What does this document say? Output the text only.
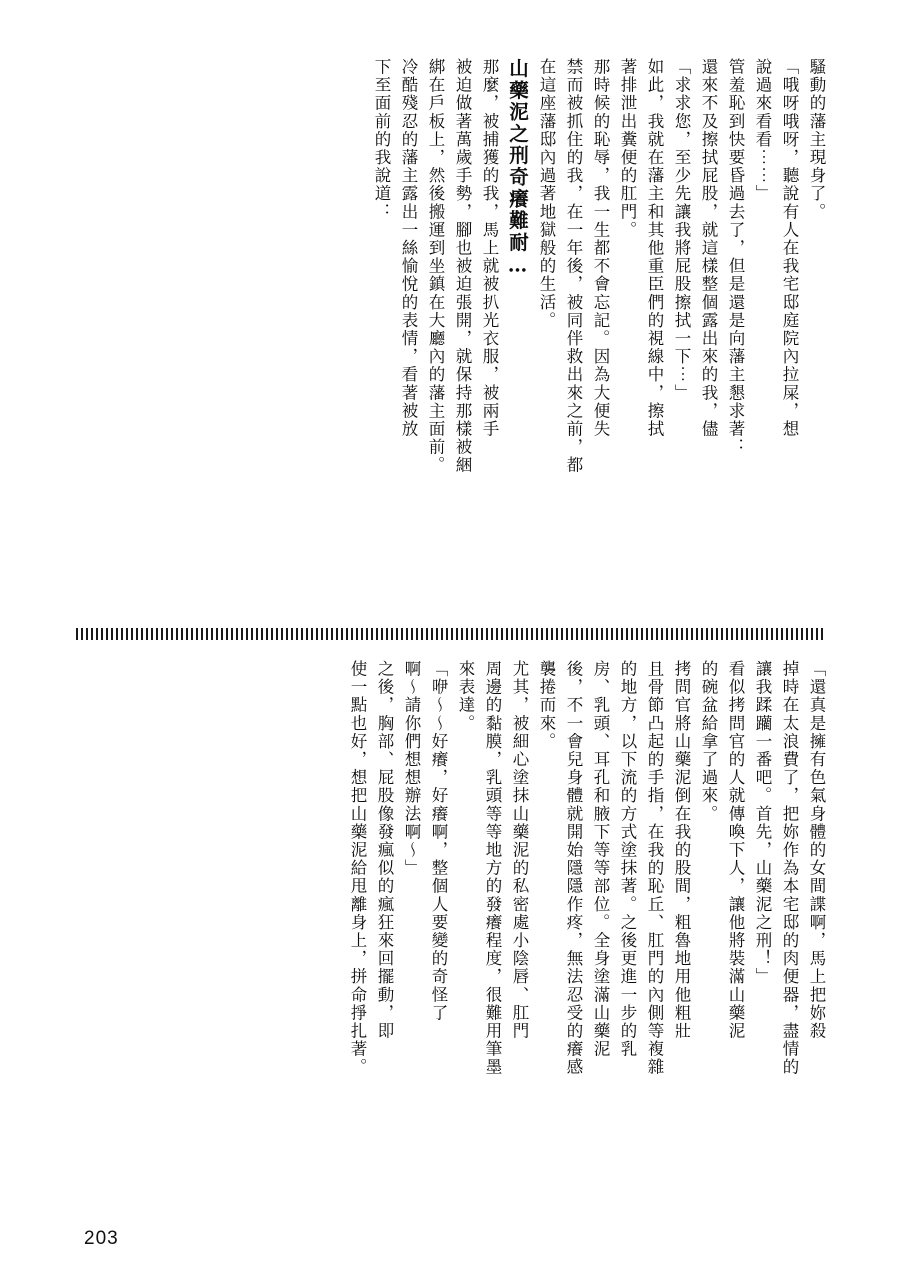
騷動的藩主現身了。
「哦呀哦呀，聽說有人在我宅邸庭院內拉屎，想
說過來看看⋯⋯」
管羞恥到快要昏過去了，但是還是向藩主懇求著：
還來不及擦拭屁股，就這樣整個露出來的我，儘
「求求您，至少先讓我將屁股擦拭一下⋯」
如此，我就在藩主和其他重臣們的視線中，擦拭
著排泄出糞便的肛門。
那時候的恥辱，我一生都不會忘記。因為大便失
禁而被抓住的我，在一年後，被同伴救出來之前，都
在這座藩邸內過著地獄般的生活。
山藥泥之刑奇癢難耐…
那麼，被捕獲的我，馬上就被扒光衣服，被兩手
被迫做著萬歲手勢，腳也被迫張開，就保持那樣被綑
綁在戶板上，然後搬運到坐鎮在大廳內的藩主面前。
冷酷殘忍的藩主露出一絲愉悅的表情，看著被放
下至面前的我說道：
「還真是擁有色氣身體的女間諜啊，馬上把妳殺
掉時在太浪費了，把妳作為本宅邸的肉便器，盡情的
讓我蹂躪一番吧。首先，山藥泥之刑！」
看似拷問官的人就傳喚下人，讓他將裝滿山藥泥
的碗盆給拿了過來。
拷問官將山藥泥倒在我的股間，粗魯地用他粗壯
且骨節凸起的手指，在我的恥丘、肛門的內側等複雜
的地方，以下流的方式塗抹著。之後更進一步的乳
房、乳頭、耳孔和腋下等等部位。全身塗滿山藥泥
後，不一會兒身體就開始隱隱作疼，無法忍受的癢感
襲捲而來。
尤其，被細心塗抹山藥泥的私密處小陰唇、肛門
周邊的黏膜，乳頭等等地方的發癢程度，很難用筆墨
來表達。
「咿～～好癢，好癢啊，整個人要變的奇怪了
啊～請你們想想辦法啊～」
之後，胸部、屁股像發瘋似的瘋狂來回擺動，即
使一點也好，想把山藥泥給甩離身上，拼命掙扎著。
203
